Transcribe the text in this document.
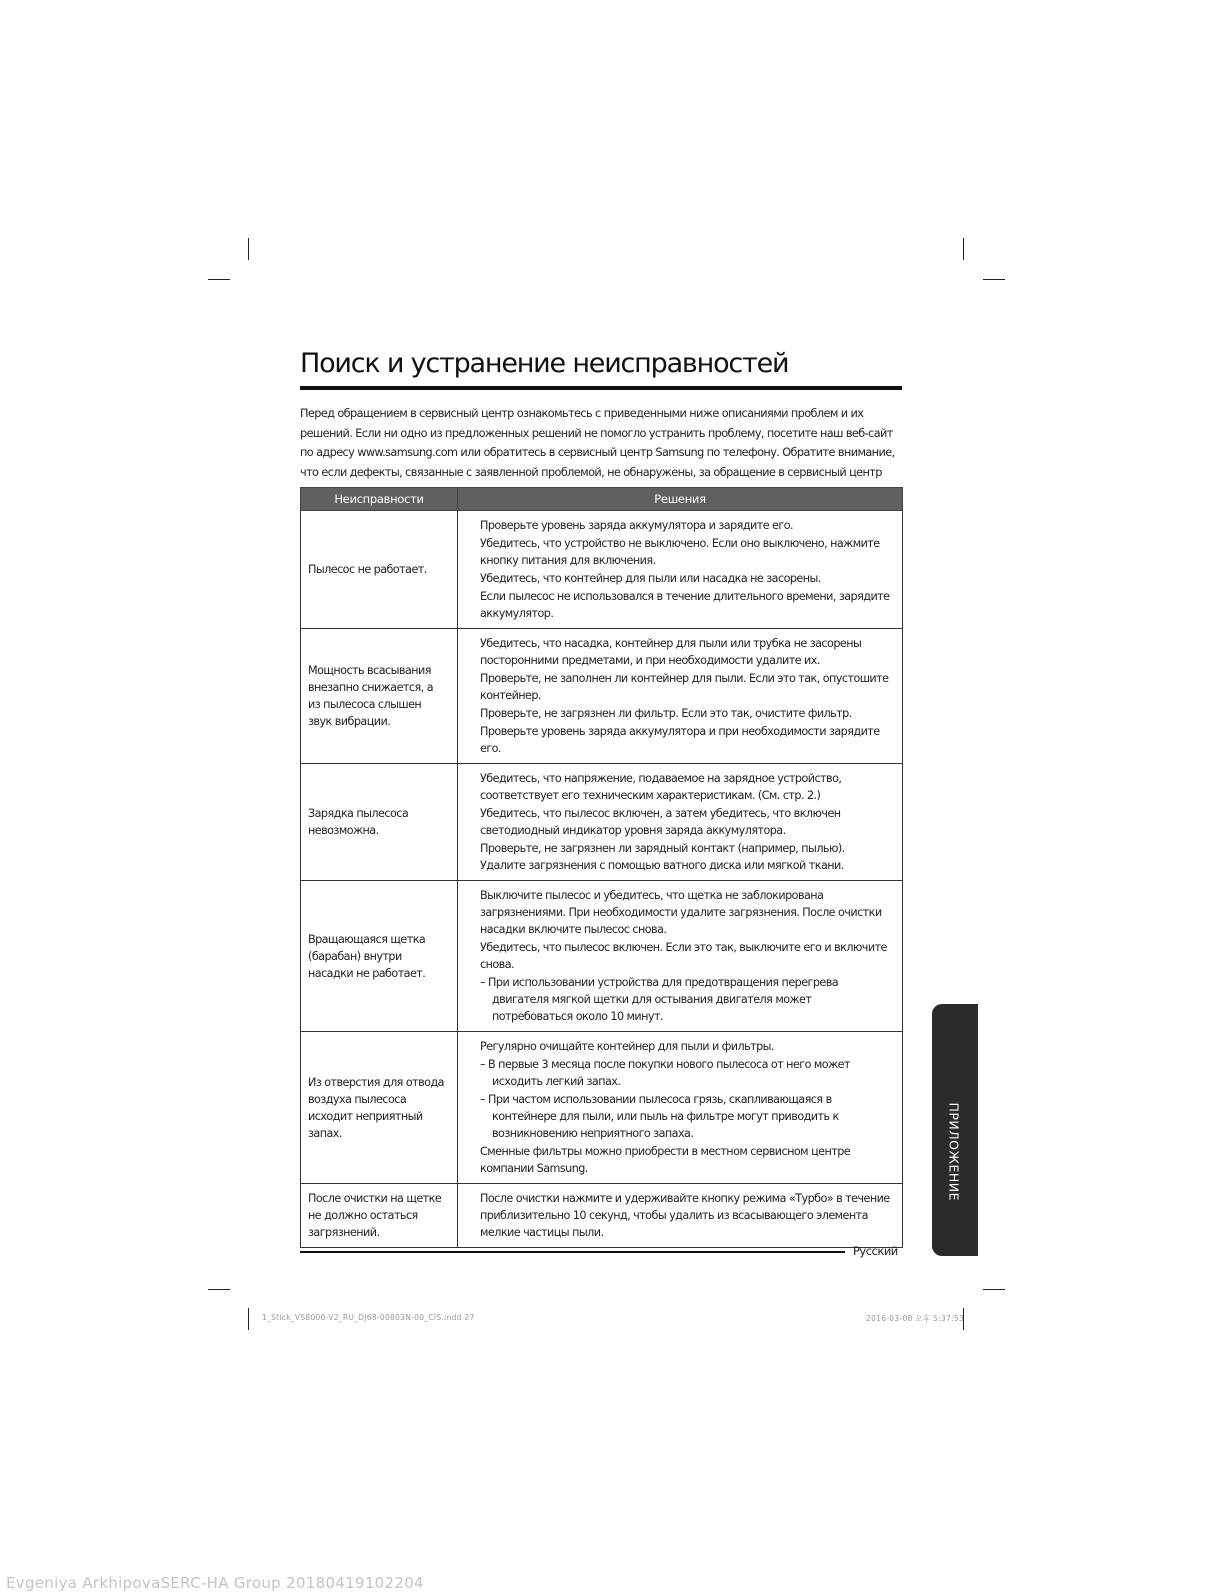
Поиск и устранение неисправностей
Перед обращением в сервисный центр ознакомьтесь с приведенными ниже описаниями проблем и их решений. Если ни одно из предложенных решений не помогло устранить проблему, посетите наш веб-сайт по адресу www.samsung.com или обратитесь в сервисный центр Samsung по телефону. Обратите внимание, что если дефекты, связанные с заявленной проблемой, не обнаружены, за обращение в сервисный центр
Неисправности	Решения
Пылесос не работает.	Проверьте уровень заряда аккумулятора и зарядите его.

Убедитесь, что устройство не выключено. Если оно выключено, нажмите кнопку питания для включения.

Убедитесь, что контейнер для пыли или насадка не засорены.

Если пылесос не использовался в течение длительного времени, зарядите аккумулятор.

Мощность всасывания внезапно снижается, а из пылесоса слышен звук вибрации.	Убедитесь, что насадка, контейнер для пыли или трубка не засорены посторонними предметами, и при необходимости удалите их.

Проверьте, не заполнен ли контейнер для пыли. Если это так, опустошите контейнер.

Проверьте, не загрязнен ли фильтр. Если это так, очистите фильтр.

Проверьте уровень заряда аккумулятора и при необходимости зарядите его.

Зарядка пылесоса невозможна.	Убедитесь, что напряжение, подаваемое на зарядное устройство, соответствует его техническим характеристикам. (См. стр. 2.)

Убедитесь, что пылесос включен, а затем убедитесь, что включен светодиодный индикатор уровня заряда аккумулятора.

Проверьте, не загрязнен ли зарядный контакт (например, пылью). Удалите загрязнения с помощью ватного диска или мягкой ткани.

Вращающаяся щетка (барабан) внутри насадки не работает.	Выключите пылесос и убедитесь, что щетка не заблокирована загрязнениями. При необходимости удалите загрязнения. После очистки насадки включите пылесос снова.

Убедитесь, что пылесос включен. Если это так, выключите его и включите снова.

– При использовании устройства для предотвращения перегрева двигателя мягкой щетки для остывания двигателя может потребоваться около 10 минут.

Из отверстия для отвода воздуха пылесоса исходит неприятный запах.	Регулярно очищайте контейнер для пыли и фильтры.

– В первые 3 месяца после покупки нового пылесоса от него может исходить легкий запах.

– При частом использовании пылесоса грязь, скапливающаяся в контейнере для пыли, или пыль на фильтре могут приводить к возникновению неприятного запаха.

Сменные фильтры можно приобрести в местном сервисном центре компании Samsung.

После очистки на щетке не должно остаться загрязнений.	После очистки нажмите и удерживайте кнопку режима «Турбо» в течение приблизительно 10 секунд, чтобы удалить из всасывающего элемента мелкие частицы пыли.

Русский
ПРИЛОЖЕНИЕ
1_Stick_VS8000-V2_RU_DJ68-00803N-00_CIS.indd 27	2016-03-08 오후 5:37:53
Evgeniya ArkhipovaSERC-HA Group 20180419102204
